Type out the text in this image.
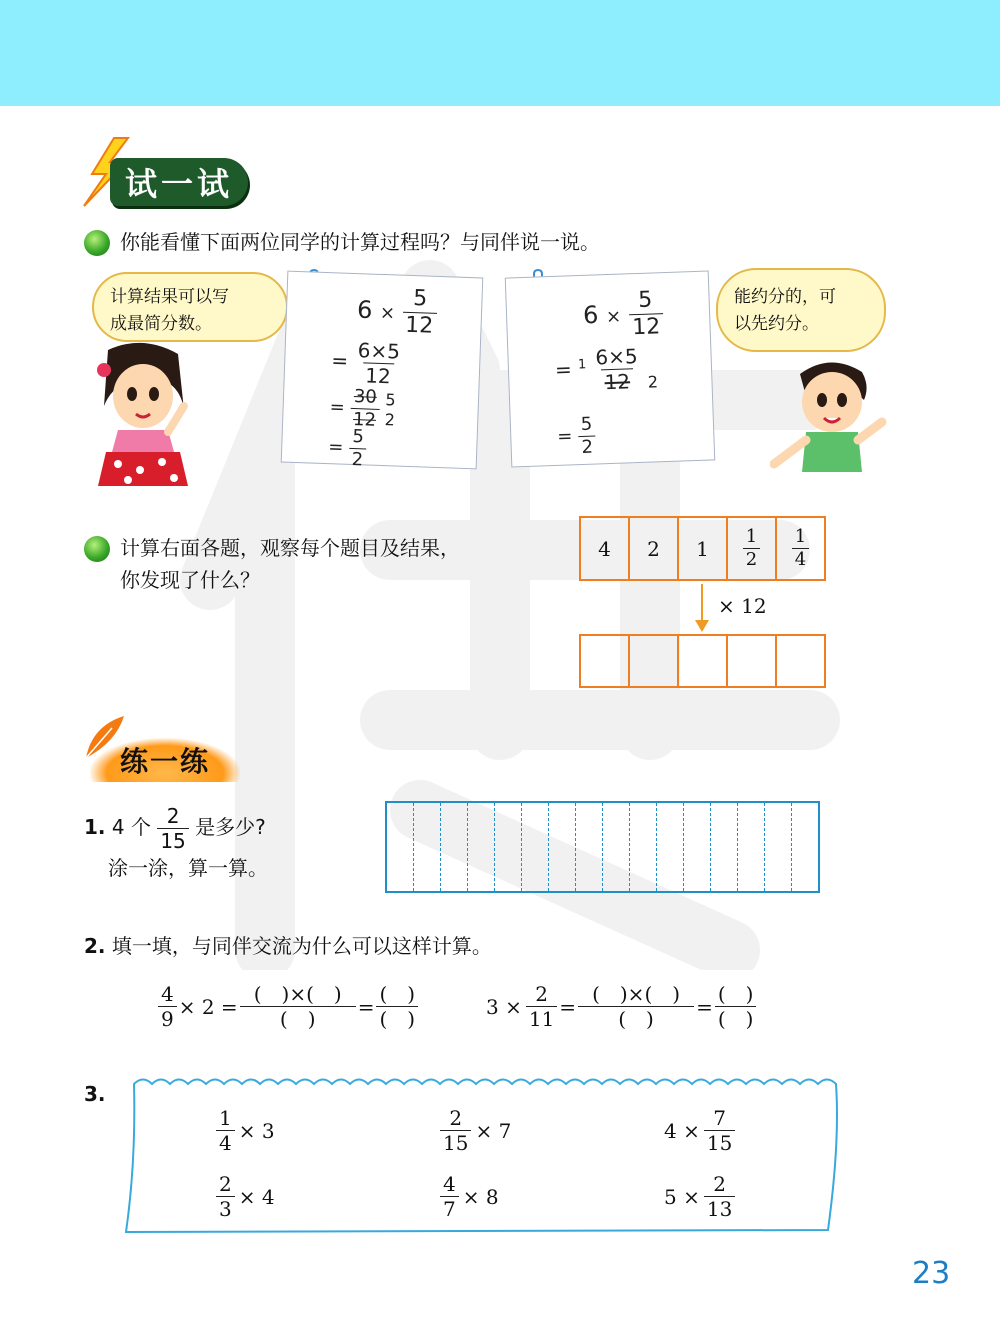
试一试
你能看懂下面两位同学的计算过程吗？与同伴说一说。
计算结果可以写
成最简分数。	$6 \times \frac{5}{12}$
= $\frac{6\times 5}{12}$
= $\frac{30}{12}$
5
2
= $\frac{5}{2}$
$6 \times \frac{5}{12}$
= $^1 \frac{6\times 5}{12} _2$
= $\frac{5}{2}$
能约分的，可
以先约分。
计算右面各题，观察每个题目及结果，
你发现了什么？
4	2	1	$\frac{1}{2} \frac{1}{4}$
× 12
练一练
1. 4 个 $\frac{2}{15}$ 是多少?
涂一涂，算一算。
2. 填一填，与同伴交流为什么可以这样计算。
$\frac{4}{9} \times 2 = \frac{( )\times( )}{( )} = \frac{( )}{( )}$	$3 \times \frac{2}{11} = \frac{( )\times( )}{( )} = \frac{( )}{( )}$
3.
$\frac{1}{4} \times 3$	$\frac{2}{15} \times 7$	$4 \times \frac{7}{15}$
$\frac{2}{3} \times 4$	$\frac{4}{7} \times 8$	$5 \times \frac{2}{13}$
23
